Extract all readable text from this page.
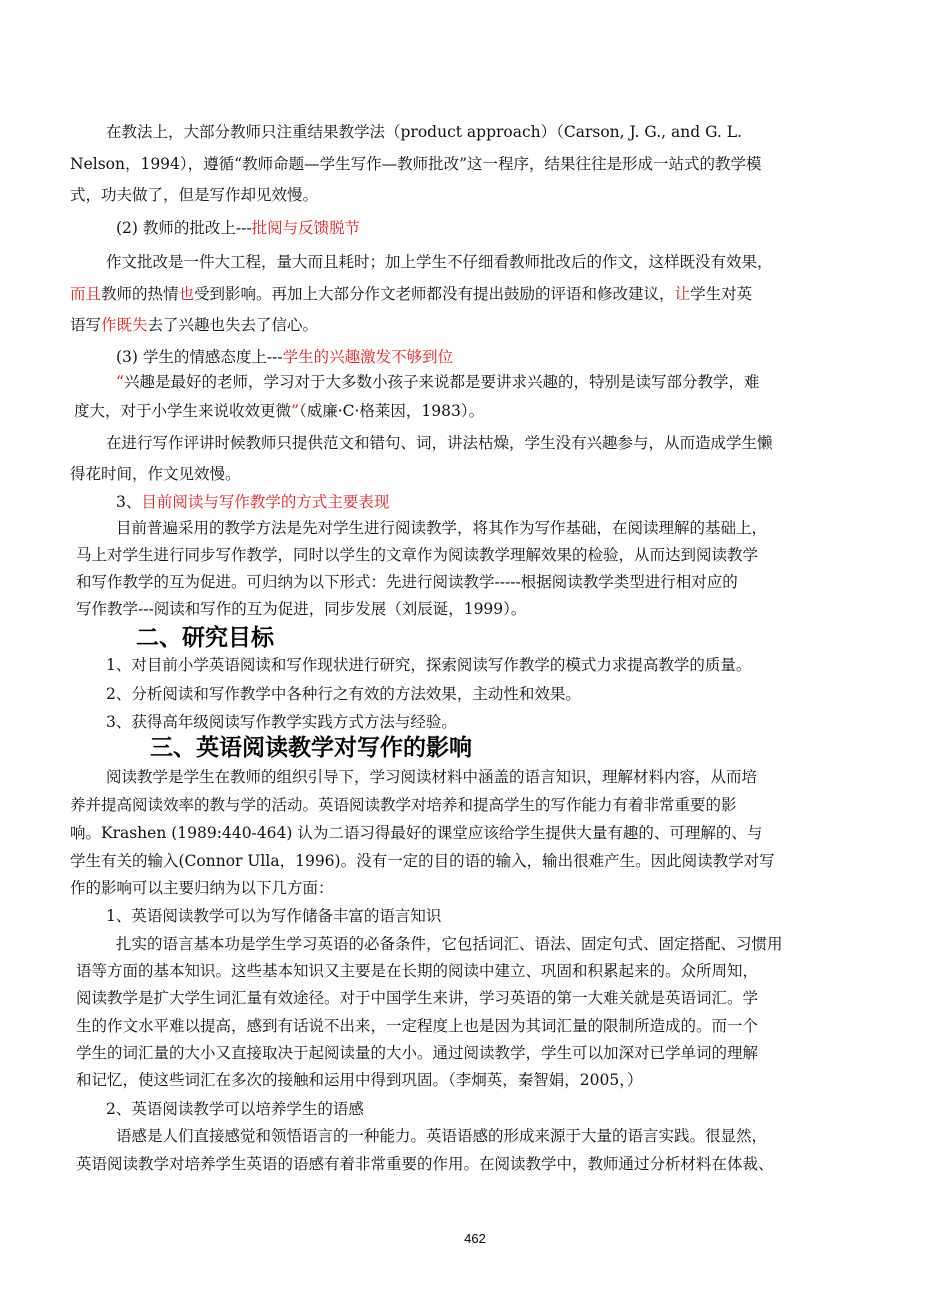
在教法上，大部分教师只注重结果教学法（product approach）（Carson, J. G., and G. L.

Nelson，1994），遵循“教师命题—学生写作—教师批改”这一程序，结果往往是形成一站式的教学模

式，功夫做了，但是写作却见效慢。

(2) 教师的批改上---批阅与反馈脱节

作文批改是一件大工程，量大而且耗时；加上学生不仔细看教师批改后的作文，这样既没有效果，

而且教师的热情也受到影响。再加上大部分作文老师都没有提出鼓励的评语和修改建议，让学生对英

语写作既失去了兴趣也失去了信心。

(3) 学生的情感态度上---学生的兴趣激发不够到位

“兴趣是最好的老师，学习对于大多数小孩子来说都是要讲求兴趣的，特别是读写部分教学，难

度大，对于小学生来说收效更微”（威廉·C·格莱因，1983）。

在进行写作评讲时候教师只提供范文和错句、词，讲法枯燥，学生没有兴趣参与，从而造成学生懒

得花时间，作文见效慢。

3、目前阅读与写作教学的方式主要表现

目前普遍采用的教学方法是先对学生进行阅读教学，将其作为写作基础，在阅读理解的基础上，

马上对学生进行同步写作教学，同时以学生的文章作为阅读教学理解效果的检验，从而达到阅读教学

和写作教学的互为促进。可归纳为以下形式：先进行阅读教学-----根据阅读教学类型进行相对应的

写作教学---阅读和写作的互为促进，同步发展（刘辰诞，1999）。

二、研究目标

1、对目前小学英语阅读和写作现状进行研究，探索阅读写作教学的模式力求提高教学的质量。

2、分析阅读和写作教学中各种行之有效的方法效果，主动性和效果。

3、获得高年级阅读写作教学实践方式方法与经验。

三、英语阅读教学对写作的影响

阅读教学是学生在教师的组织引导下，学习阅读材料中涵盖的语言知识，理解材料内容，从而培

养并提高阅读效率的教与学的活动。英语阅读教学对培养和提高学生的写作能力有着非常重要的影

响。Krashen (1989:440-464) 认为二语习得最好的课堂应该给学生提供大量有趣的、可理解的、与

学生有关的输入(Connor Ulla，1996)。没有一定的目的语的输入，输出很难产生。因此阅读教学对写

作的影响可以主要归纳为以下几方面：

1、英语阅读教学可以为写作储备丰富的语言知识

扎实的语言基本功是学生学习英语的必备条件，它包括词汇、语法、固定句式、固定搭配、习惯用

语等方面的基本知识。这些基本知识又主要是在长期的阅读中建立、巩固和积累起来的。众所周知，

阅读教学是扩大学生词汇量有效途径。对于中国学生来讲，学习英语的第一大难关就是英语词汇。学

生的作文水平难以提高，感到有话说不出来，一定程度上也是因为其词汇量的限制所造成的。而一个

学生的词汇量的大小又直接取决于起阅读量的大小。通过阅读教学，学生可以加深对已学单词的理解

和记忆，使这些词汇在多次的接触和运用中得到巩固。（李炯英，秦智娟，2005，）

2、英语阅读教学可以培养学生的语感

语感是人们直接感觉和领悟语言的一种能力。英语语感的形成来源于大量的语言实践。很显然，

英语阅读教学对培养学生英语的语感有着非常重要的作用。在阅读教学中，教师通过分析材料在体裁、

462
